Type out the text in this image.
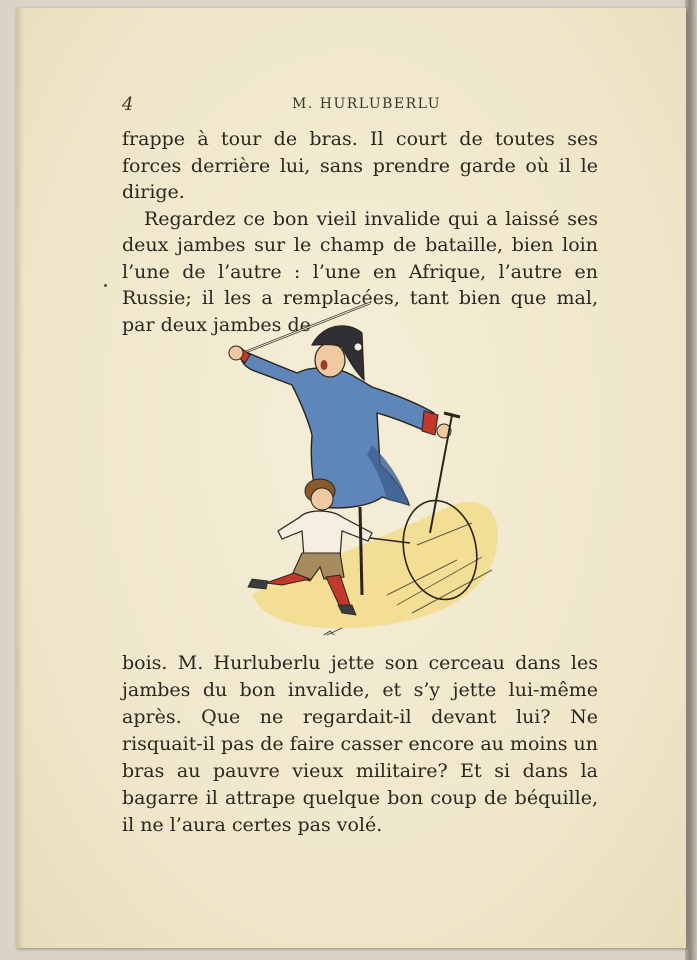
4	M. HURLUBERLU

frappe à tour de bras. Il court de toutes ses forces derrière lui, sans prendre garde où il le dirige.

Regardez ce bon vieil invalide qui a laissé ses deux jambes sur le champ de bataille, bien loin l’une de l’autre : l’une en Afrique, l’autre en Russie; il les a remplacées, tant bien que mal, par deux jambes de

bois. M. Hurluberlu jette son cerceau dans les jambes du bon invalide, et s’y jette lui-même après. Que ne regardait-il devant lui? Ne risquait-il pas de faire casser encore au moins un bras au pauvre vieux militaire? Et si dans la bagarre il attrape quelque bon coup de béquille, il ne l’aura certes pas volé.
